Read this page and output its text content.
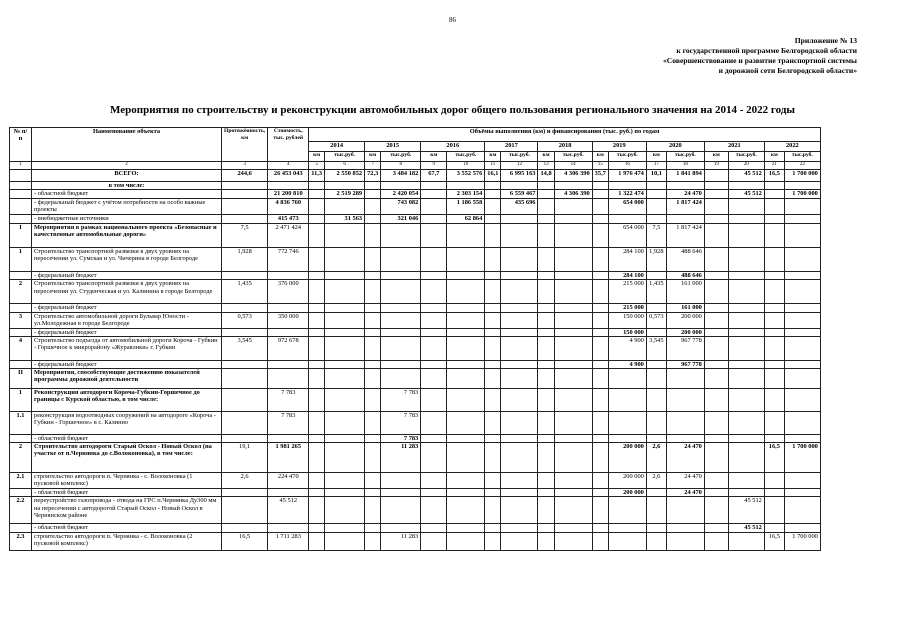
86
Приложение № 13
к государственной программе Белгородской области
«Совершенствование и развитие транспортной системы
и дорожной сети Белгородской области»
Мероприятия по строительству и реконструкции автомобильных дорог общего пользования регионального значения на 2014 - 2022 годы
№ п/п	Наименование объекта	Протяжённость, км	Стоимость, тыс. рублей	Объёмы выполнения (км) и финансирования (тыс. руб.) по годам																	
				2014		2015		2016		2017		2018		2019		2020		2021		2022	
				км	тыс.руб.	км	тыс.руб.	км	тыс.руб.	км	тыс.руб.	км	тыс.руб.	км	тыс.руб.	км	тыс.руб.	км	тыс.руб.	км	тыс.руб.
1	2	3	4	5	6	7	8	9	10	11	12	13	14	15	16	17	18	19	20	21	22
	ВСЕГО:	244,6	26 453 043	11,3	2 550 852	72,3	3 484 182	67,7	3 552 576	16,1	6 995 163	14,8	4 306 390	35,7	1 976 474	10,1	1 841 894		45 512	16,5	1 700 000
	в том числе:																				
	- областной бюджет		21 200 810		2 519 289		2 420 054		2 303 154		6 559 467		4 306 390		1 322 474		24 470		45 512		1 700 000
	- федеральный бюджет с учётом потребности на особо важные проекты		4 836 760				743 082		1 186 558		435 696				654 000		1 817 424				
	- внебюджетные источники		415 473		31 563		321 046		62 864												
I	Мероприятия в рамках национального проекта «Безопасные и качественные автомобильные дороги»	7,5	2 471 424												654 000	7,5	1 817 424				
1	Строительство транспортной развязки в двух уровнях на пересечении ул. Сумская и ул. Чичерина в городе Белгороде	1,928	772 746												284 100	1,928	488 646				
	- федеральный бюджет														284 100		488 646				
2	Строительство транспортной развязки в двух уровнях на пересечении ул. Студенческая и ул. Калинина в городе Белгороде	1,435	376 000												215 000	1,435	161 000				
	- федеральный бюджет														215 000		161 000				
3	Строительство автомобильной дороги Бульвар Юности - ул.Молодежная в городе Белгороде	0,573	350 000												150 000	0,573	200 000				
	- федеральный бюджет														150 000		200 000				
4	Строительство подъезда от автомобильной дороги Короча - Губкин - Горшечное к микрорайону «Журавлики» г. Губкин	3,545	972 678												4 900	3,545	967 778				
	- федеральный бюджет														4 900		967 778				
II	Мероприятия, способствующие достижению показателей программы дорожной деятельности																				
1	Реконструкция автодороги Короча-Губкин-Горшечное до границы с Курской областью, в том числе:		7 783				7 783														
1.1	реконструкция водоотводных сооружений на автодороге «Короча - Губкин - Горшечное» в с. Калинно		7 783				7 783														
	- областной бюджет						7 783														
2	Строительство автодороги Старый Оскол - Новый Оскол (на участке от п.Чернянка до с.Волоконовка), в том числе:	19,1	1 981 265				11 283								200 000	2,6	24 470			16,5	1 700 000
2.1	строительство автодороги п. Чернянка - с. Волоконовка (1 пусковой комплекс)	2,6	224 470												200 000	2,6	24 470				
	- областной бюджет														200 000		24 470				
2.2	переустройство газопровода - отвода на ГРС п.Чернянка Ду300 мм на пересечении с автодорогой Старый Оскол - Новый Оскол в Чернянском районе		45 512																45 512		
	- областной бюджет																		45 512		
2.3	строительство автодороги п. Чернянка - с. Волоконовка (2 пусковой комплекс)	16,5	1 711 283				11 283													16,5	1 700 000
